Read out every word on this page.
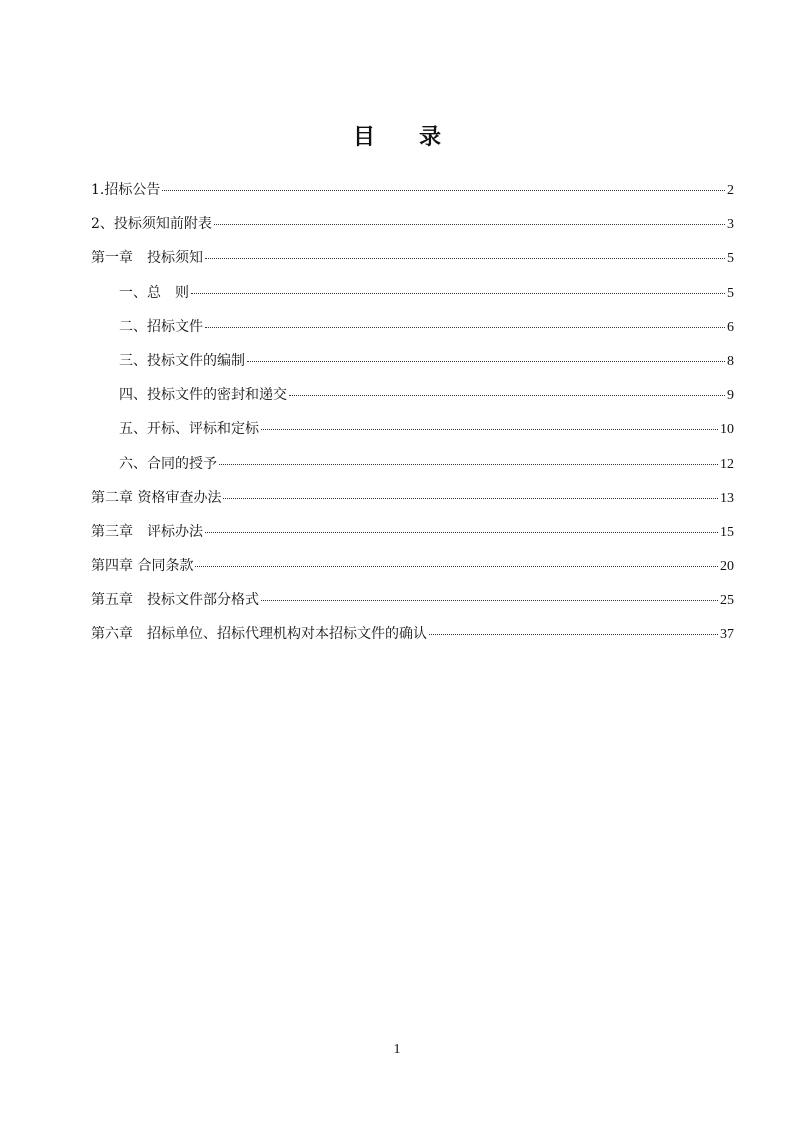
目录
1.招标公告	2
2、投标须知前附表	3
第一章　投标须知	5
一、总　则	5
二、招标文件	6
三、投标文件的编制	8
四、投标文件的密封和递交	9
五、开标、评标和定标	10
六、合同的授予	12
第二章 资格审查办法	13
第三章　评标办法	15
第四章 合同条款	20
第五章　投标文件部分格式	25
第六章　招标单位、招标代理机构对本招标文件的确认	37
1
